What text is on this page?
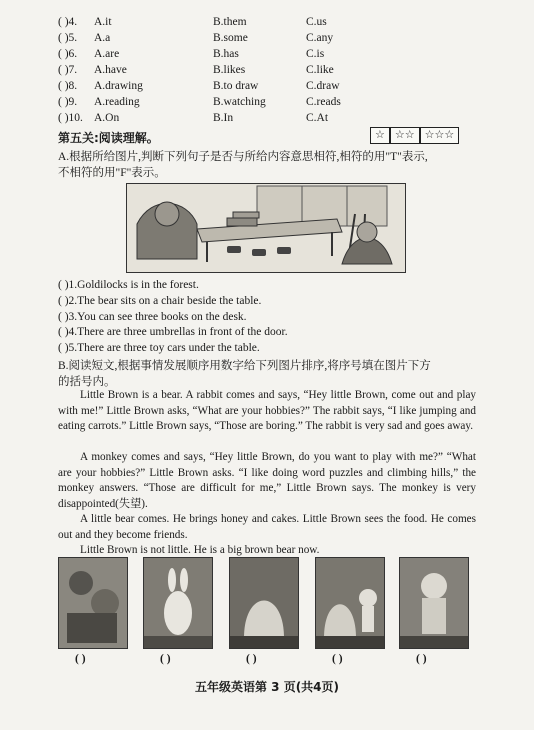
( )4. A.it	B.them	C.us
( )5. A.a	B.some	C.any
( )6. A.are	B.has	C.is
( )7. A.have	B.likes	C.like
( )8. A.drawing	B.to draw	C.draw
( )9. A.reading	B.watching	C.reads
( )10. A.On	B.In	C.At
第五关:阅读理解。	☆ ☆☆ ☆☆☆
A.根据所给图片,判断下列句子是否与所给内容意思相符,相符的用"T"表示,
不相符的用"F"表示。
( )1.Goldilocks is in the forest.
( )2.The bear sits on a chair beside the table.
( )3.You can see three books on the desk.
( )4.There are three umbrellas in front of the door.
( )5.There are three toy cars under the table.
B.阅读短文,根据事情发展顺序用数字给下列图片排序,将序号填在图片下方
的括号内。
Little Brown is a bear. A rabbit comes and says, “Hey little Brown, come out and play with me!” Little Brown asks, “What are your hobbies?” The rabbit says, “I like jumping and eating carrots.” Little Brown says, “Those are boring.” The rabbit is very sad and goes away.
A monkey comes and says, “Hey little Brown, do you want to play with me?” “What are your hobbies?” Little Brown asks. “I like doing word puzzles and climbing hills,” the monkey answers. “Those are difficult for me,” Little Brown says. The monkey is very disappointed(失望).
A little bear comes. He brings honey and cakes. Little Brown sees the food. He comes out and they become friends.
Little Brown is not little. He is a big brown bear now.
( )	( )	( )	( )	( )
五年级英语第 3 页(共4页)
